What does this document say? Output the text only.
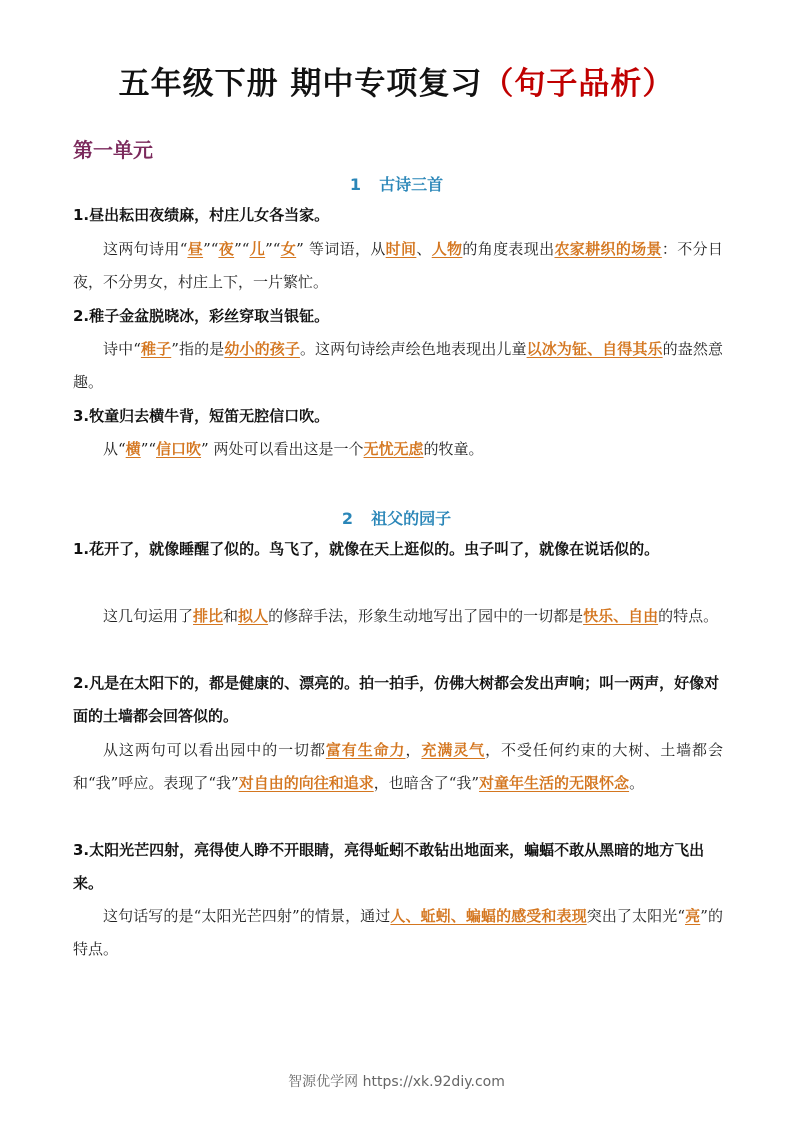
五年级下册 期中专项复习（句子品析）
第一单元
1 古诗三首
1.昼出耘田夜绩麻，村庄儿女各当家。
这两句诗用“昼”“夜”“儿”“女” 等词语，从时间、人物的角度表现出农家耕织的场景：不分日夜，不分男女，村庄上下，一片繁忙。
2.稚子金盆脱晓冰，彩丝穿取当银钲。
诗中“稚子”指的是幼小的孩子。这两句诗绘声绘色地表现出儿童以冰为钲、自得其乐的盎然意趣。
3.牧童归去横牛背，短笛无腔信口吹。
从“横”“信口吹” 两处可以看出这是一个无忧无虑的牧童。
2 祖父的园子
1.花开了，就像睡醒了似的。鸟飞了，就像在天上逛似的。虫子叫了，就像在说话似的。
这几句运用了排比和拟人的修辞手法，形象生动地写出了园中的一切都是快乐、自由的特点。
2.凡是在太阳下的，都是健康的、漂亮的。拍一拍手，仿佛大树都会发出声响；叫一两声，好像对面的土墙都会回答似的。
从这两句可以看出园中的一切都富有生命力，充满灵气，不受任何约束的大树、土墙都会和“我”呼应。表现了“我”对自由的向往和追求，也暗含了“我”对童年生活的无限怀念。
3.太阳光芒四射，亮得使人睁不开眼睛，亮得蚯蚓不敢钻出地面来，蝙蝠不敢从黑暗的地方飞出来。
这句话写的是“太阳光芒四射”的情景，通过人、蚯蚓、蝙蝠的感受和表现突出了太阳光“亮”的特点。
智源优学网 https://xk.92diy.com
